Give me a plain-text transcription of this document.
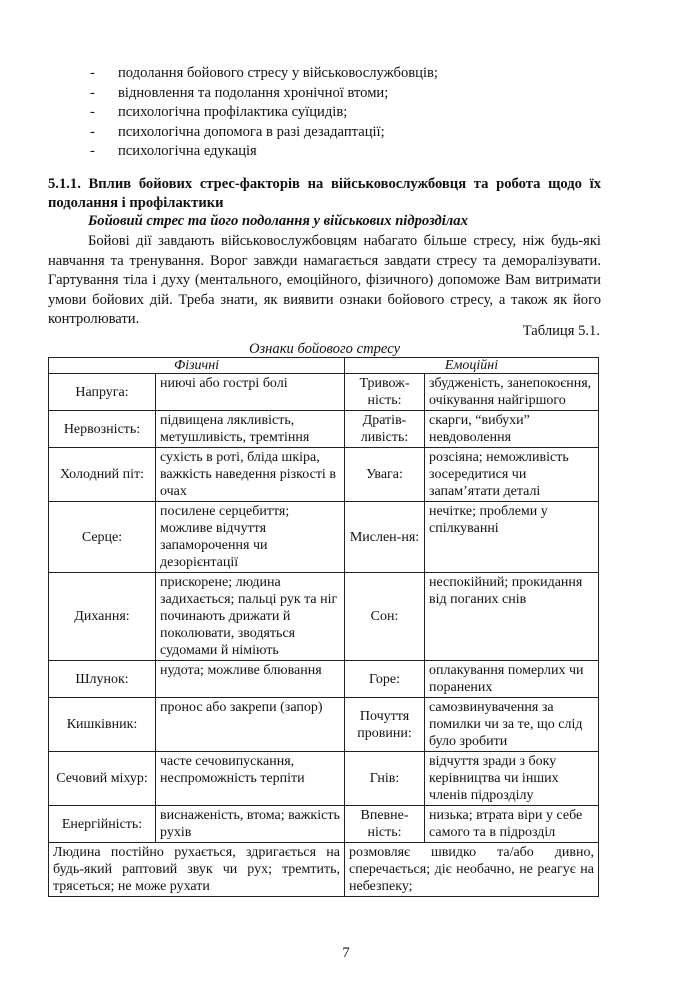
- подолання бойового стресу у військовослужбовців;
- відновлення та подолання хронічної втоми;
- психологічна профілактика суїцидів;
- психологічна допомога в разі дезадаптації;
- психологічна едукація
5.1.1. Вплив бойових стрес-факторів на військовослужбовця та робота щодо їх подолання і профілактики
Бойовий стрес та його подолання у військових підрозділах

Бойові дії завдають військовослужбовцям набагато більше стресу, ніж будь-які навчання та тренування. Ворог завжди намагається завдати стресу та деморалізувати. Гартування тіла і духу (ментального, емоційного, фізичного) допоможе Вам витримати умови бойових дій. Треба знати, як виявити ознаки бойового стресу, а також як його контролювати.

Таблиця 5.1.
Ознаки бойового стресу
Фізичні		Емоційні	
Напруга:	ниючі або гострі болі	Тривож-ність:	збудженість, занепокоєння, очікування найгіршого
Нервозність:	підвищена лякливість, метушливість, тремтіння	Дратів-ливість:	скарги, “вибухи” невдоволення
Холодний піт:	сухість в роті, бліда шкіра, важкість наведення різкості в очах	Увага:	розсіяна; неможливість зосередитися чи запам’ятати деталі
Серце:	посилене серцебиття; можливе відчуття запаморочення чи дезорієнтації	Мислен-ня:	нечітке; проблеми у спілкуванні
Дихання:	прискорене; людина задихається; пальці рук та ніг починають дрижати й поколювати, зводяться судомами й німіють	Сон:	неспокійний; прокидання від поганих снів
Шлунок:	нудота; можливе блювання	Горе:	оплакування померлих чи поранених
Кишківник:	пронос або закрепи (запор)	Почуття провини:	самозвинувачення за помилки чи за те, що слід було зробити
Сечовий міхур:	часте сечовипускання, неспроможність терпіти	Гнів:	відчуття зради з боку керівництва чи інших членів підрозділу
Енергійність:	виснаженість, втома; важкість рухів	Впевне-ність:	низька; втрата віри у себе самого та в підрозділ
Людина постійно рухається, здригається на будь-який раптовий звук чи рух; тремтить, трясеться; не може рухати		розмовляє швидко та/або дивно, сперечається; діє необачно, не реагує на небезпеку;	
7
